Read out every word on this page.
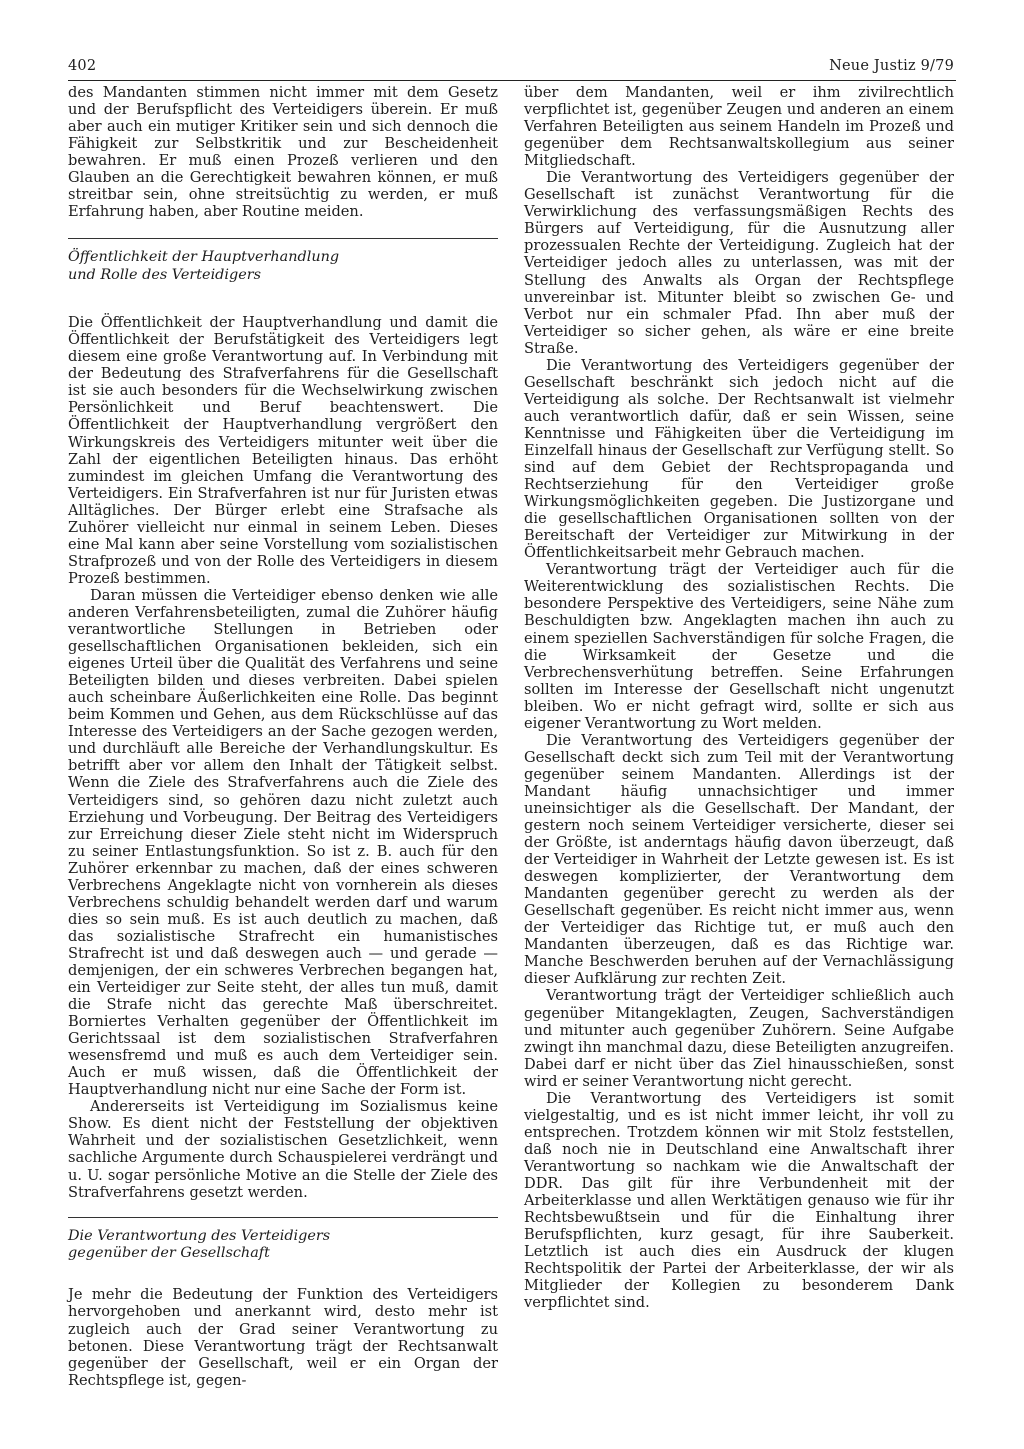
402	Neue Justiz 9/79

des Mandanten stimmen nicht immer mit dem Gesetz und der Berufspflicht des Verteidigers überein. Er muß aber auch ein mutiger Kritiker sein und sich dennoch die Fähigkeit zur Selbstkritik und zur Bescheidenheit bewahren. Er muß einen Prozeß verlieren und den Glauben an die Gerechtigkeit bewahren können, er muß streitbar sein, ohne streitsüchtig zu werden, er muß Erfahrung haben, aber Routine meiden.

Öffentlichkeit der Hauptverhandlung

und Rolle des Verteidigers

Die Öffentlichkeit der Hauptverhandlung und damit die Öffentlichkeit der Berufstätigkeit des Verteidigers legt diesem eine große Verantwortung auf. In Verbindung mit der Bedeutung des Strafverfahrens für die Gesellschaft ist sie auch besonders für die Wechselwirkung zwischen Persönlichkeit und Beruf beachtenswert. Die Öffentlichkeit der Hauptverhandlung vergrößert den Wirkungskreis des Verteidigers mitunter weit über die Zahl der eigentlichen Beteiligten hinaus. Das erhöht zumindest im gleichen Umfang die Verantwortung des Verteidigers. Ein Strafverfahren ist nur für Juristen etwas Alltägliches. Der Bürger erlebt eine Strafsache als Zuhörer vielleicht nur einmal in seinem Leben. Dieses eine Mal kann aber seine Vorstellung vom sozialistischen Strafprozeß und von der Rolle des Verteidigers in diesem Prozeß bestimmen.

Daran müssen die Verteidiger ebenso denken wie alle anderen Verfahrensbeteiligten, zumal die Zuhörer häufig verantwortliche Stellungen in Betrieben oder gesellschaftlichen Organisationen bekleiden, sich ein eigenes Urteil über die Qualität des Verfahrens und seine Beteiligten bilden und dieses verbreiten. Dabei spielen auch scheinbare Äußerlichkeiten eine Rolle. Das beginnt beim Kommen und Gehen, aus dem Rückschlüsse auf das Interesse des Verteidigers an der Sache gezogen werden, und durchläuft alle Bereiche der Verhandlungskultur. Es betrifft aber vor allem den Inhalt der Tätigkeit selbst. Wenn die Ziele des Strafverfahrens auch die Ziele des Verteidigers sind, so gehören dazu nicht zuletzt auch Erziehung und Vorbeugung. Der Beitrag des Verteidigers zur Erreichung dieser Ziele steht nicht im Widerspruch zu seiner Entlastungsfunktion. So ist z. B. auch für den Zuhörer erkennbar zu machen, daß der eines schweren Verbrechens Angeklagte nicht von vornherein als dieses Verbrechens schuldig behandelt werden darf und warum dies so sein muß. Es ist auch deutlich zu machen, daß das sozialistische Strafrecht ein humanistisches Strafrecht ist und daß deswegen auch — und gerade — demjenigen, der ein schweres Verbrechen begangen hat, ein Verteidiger zur Seite steht, der alles tun muß, damit die Strafe nicht das gerechte Maß überschreitet. Borniertes Verhalten gegenüber der Öffentlichkeit im Gerichtssaal ist dem sozialistischen Strafverfahren wesensfremd und muß es auch dem Verteidiger sein. Auch er muß wissen, daß die Öffentlichkeit der Hauptverhandlung nicht nur eine Sache der Form ist.

Andererseits ist Verteidigung im Sozialismus keine Show. Es dient nicht der Feststellung der objektiven Wahrheit und der sozialistischen Gesetzlichkeit, wenn sachliche Argumente durch Schauspielerei verdrängt und u. U. sogar persönliche Motive an die Stelle der Ziele des Strafverfahrens gesetzt werden.

Die Verantwortung des Verteidigers

gegenüber der Gesellschaft

Je mehr die Bedeutung der Funktion des Verteidigers hervorgehoben und anerkannt wird, desto mehr ist zugleich auch der Grad seiner Verantwortung zu betonen. Diese Verantwortung trägt der Rechtsanwalt gegenüber der Gesellschaft, weil er ein Organ der Rechtspflege ist, gegen-

über dem Mandanten, weil er ihm zivilrechtlich verpflichtet ist, gegenüber Zeugen und anderen an einem Verfahren Beteiligten aus seinem Handeln im Prozeß und gegenüber dem Rechtsanwaltskollegium aus seiner Mitgliedschaft.

Die Verantwortung des Verteidigers gegenüber der Gesellschaft ist zunächst Verantwortung für die Verwirklichung des verfassungsmäßigen Rechts des Bürgers auf Verteidigung, für die Ausnutzung aller prozessualen Rechte der Verteidigung. Zugleich hat der Verteidiger jedoch alles zu unterlassen, was mit der Stellung des Anwalts als Organ der Rechtspflege unvereinbar ist. Mitunter bleibt so zwischen Ge- und Verbot nur ein schmaler Pfad. Ihn aber muß der Verteidiger so sicher gehen, als wäre er eine breite Straße.

Die Verantwortung des Verteidigers gegenüber der Gesellschaft beschränkt sich jedoch nicht auf die Verteidigung als solche. Der Rechtsanwalt ist vielmehr auch verantwortlich dafür, daß er sein Wissen, seine Kenntnisse und Fähigkeiten über die Verteidigung im Einzelfall hinaus der Gesellschaft zur Verfügung stellt. So sind auf dem Gebiet der Rechtspropaganda und Rechtserziehung für den Verteidiger große Wirkungsmöglichkeiten gegeben. Die Justizorgane und die gesellschaftlichen Organisationen sollten von der Bereitschaft der Verteidiger zur Mitwirkung in der Öffentlichkeitsarbeit mehr Gebrauch machen.

Verantwortung trägt der Verteidiger auch für die Weiterentwicklung des sozialistischen Rechts. Die besondere Perspektive des Verteidigers, seine Nähe zum Beschuldigten bzw. Angeklagten machen ihn auch zu einem speziellen Sachverständigen für solche Fragen, die die Wirksamkeit der Gesetze und die Verbrechensverhütung betreffen. Seine Erfahrungen sollten im Interesse der Gesellschaft nicht ungenutzt bleiben. Wo er nicht gefragt wird, sollte er sich aus eigener Verantwortung zu Wort melden.

Die Verantwortung des Verteidigers gegenüber der Gesellschaft deckt sich zum Teil mit der Verantwortung gegenüber seinem Mandanten. Allerdings ist der Mandant häufig unnachsichtiger und immer uneinsichtiger als die Gesellschaft. Der Mandant, der gestern noch seinem Verteidiger versicherte, dieser sei der Größte, ist anderntags häufig davon überzeugt, daß der Verteidiger in Wahrheit der Letzte gewesen ist. Es ist deswegen komplizierter, der Verantwortung dem Mandanten gegenüber gerecht zu werden als der Gesellschaft gegenüber. Es reicht nicht immer aus, wenn der Verteidiger das Richtige tut, er muß auch den Mandanten überzeugen, daß es das Richtige war. Manche Beschwerden beruhen auf der Vernachlässigung dieser Aufklärung zur rechten Zeit.

Verantwortung trägt der Verteidiger schließlich auch gegenüber Mitangeklagten, Zeugen, Sachverständigen und mitunter auch gegenüber Zuhörern. Seine Aufgabe zwingt ihn manchmal dazu, diese Beteiligten anzugreifen. Dabei darf er nicht über das Ziel hinausschießen, sonst wird er seiner Verantwortung nicht gerecht.

Die Verantwortung des Verteidigers ist somit vielgestaltig, und es ist nicht immer leicht, ihr voll zu entsprechen. Trotzdem können wir mit Stolz feststellen, daß noch nie in Deutschland eine Anwaltschaft ihrer Verantwortung so nachkam wie die Anwaltschaft der DDR. Das gilt für ihre Verbundenheit mit der Arbeiterklasse und allen Werktätigen genauso wie für ihr Rechtsbewußtsein und für die Einhaltung ihrer Berufspflichten, kurz gesagt, für ihre Sauberkeit. Letztlich ist auch dies ein Ausdruck der klugen Rechtspolitik der Partei der Arbeiterklasse, der wir als Mitglieder der Kollegien zu besonderem Dank verpflichtet sind.
